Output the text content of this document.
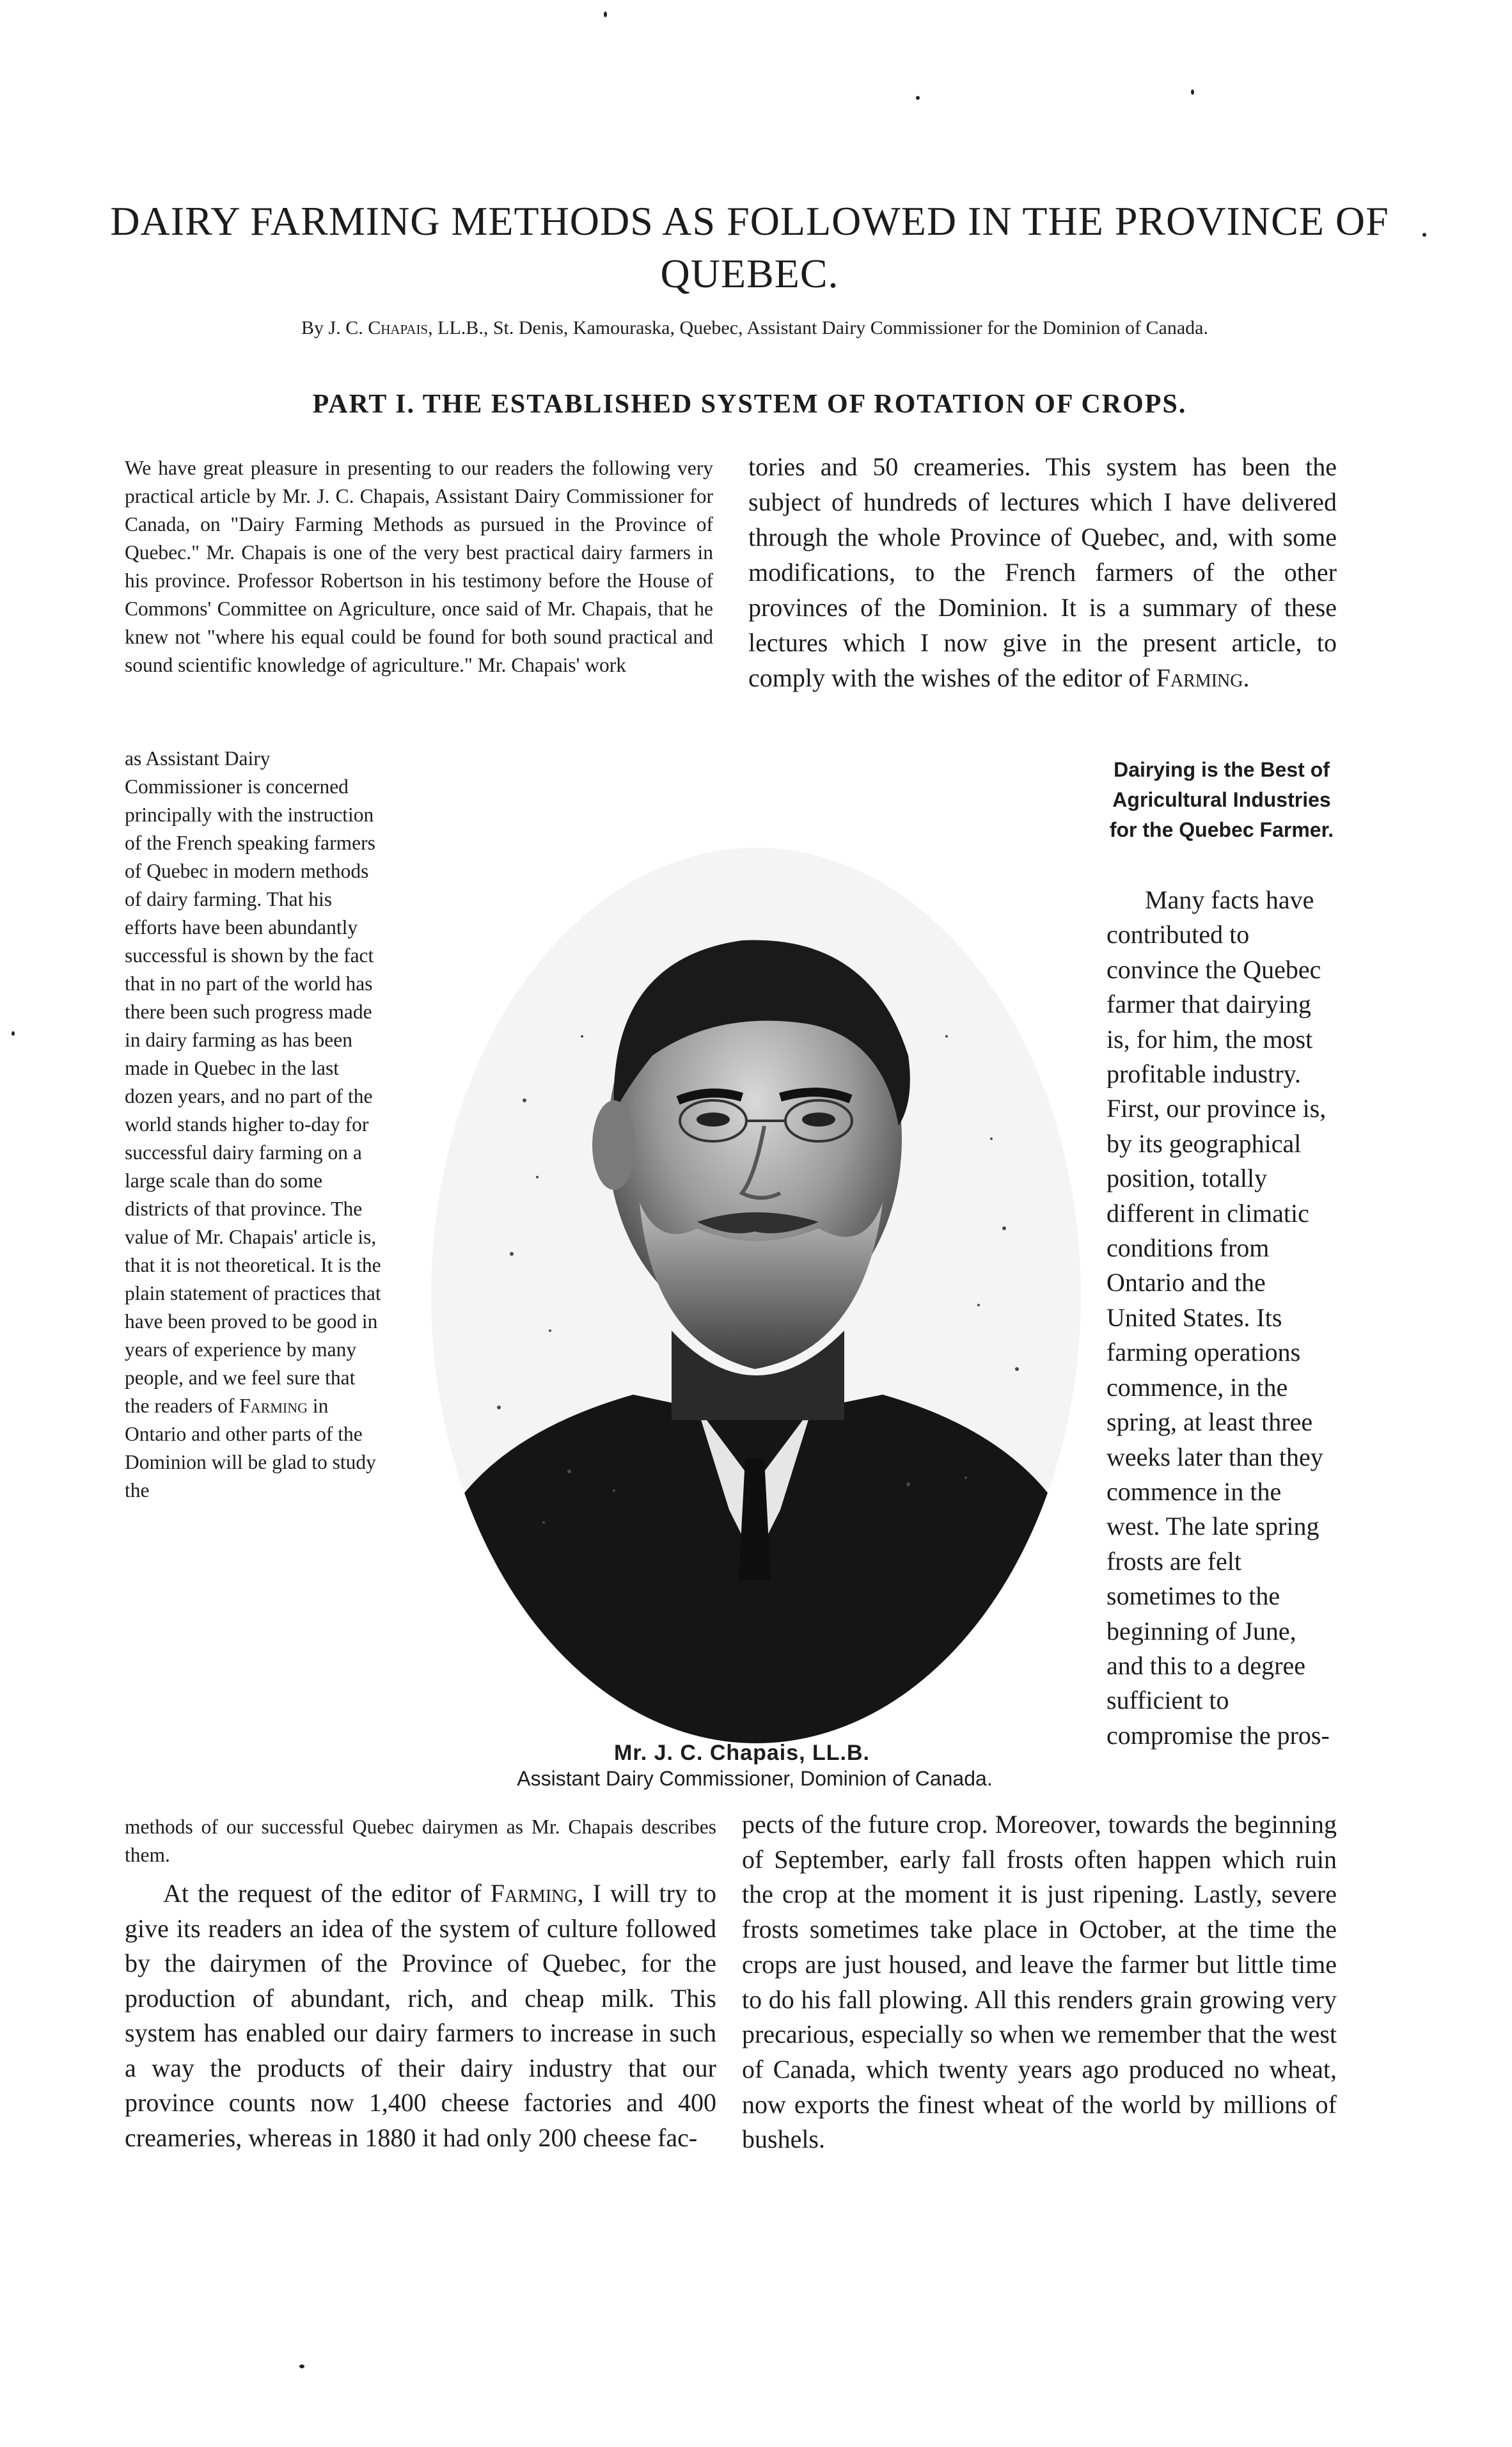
DAIRY FARMING METHODS AS FOLLOWED IN THE PROVINCE OF QUEBEC.

By J. C. Chapais, LL.B., St. Denis, Kamouraska, Quebec, Assistant Dairy Commissioner for the Dominion of Canada.

PART I. THE ESTABLISHED SYSTEM OF ROTATION OF CROPS.

We have great pleasure in presenting to our readers the following very practical article by Mr. J. C. Chapais, Assistant Dairy Commissioner for Canada, on "Dairy Farming Methods as pursued in the Province of Quebec." Mr. Chapais is one of the very best practical dairy farmers in his province. Professor Robertson in his testimony before the House of Commons' Committee on Agriculture, once said of Mr. Chapais, that he knew not "where his equal could be found for both sound practical and sound scientific knowledge of agriculture." Mr. Chapais' work

as Assistant Dairy Commissioner is concerned principally with the instruction of the French speaking farmers of Quebec in modern methods of dairy farming. That his efforts have been abundantly successful is shown by the fact that in no part of the world has there been such progress made in dairy farming as has been made in Quebec in the last dozen years, and no part of the world stands higher to-day for successful dairy farming on a large scale than do some districts of that province. The value of Mr. Chapais' article is, that it is not theoretical. It is the plain statement of practices that have been proved to be good in years of experience by many people, and we feel sure that the readers of Farming in Ontario and other parts of the Dominion will be glad to study the

methods of our successful Quebec dairymen as Mr. Chapais describes them.

  At the request of the editor of Farming, I will try to give its readers an idea of the system of culture followed by the dairymen of the Province of Quebec, for the production of abundant, rich, and cheap milk. This system has enabled our dairy farmers to increase in such a way the products of their dairy industry that our province counts now 1,400 cheese factories and 400 creameries, whereas in 1880 it had only 200 cheese fac-

tories and 50 creameries. This system has been the subject of hundreds of lectures which I have delivered through the whole Province of Quebec, and, with some modifications, to the French farmers of the other provinces of the Dominion. It is a summary of these lectures which I now give in the present article, to comply with the wishes of the editor of Farming.

Dairying is the Best of Agricultural Industries for the Quebec Farmer.

  Many facts have contributed to convince the Quebec farmer that dairying is, for him, the most profitable industry. First, our province is, by its geographical position, totally different in climatic conditions from Ontario and the United States. Its farming operations commence, in the spring, at least three weeks later than they commence in the west. The late spring frosts are felt sometimes to the beginning of June, and this to a degree sufficient to compromise the pros-

pects of the future crop. Moreover, towards the beginning of September, early fall frosts often happen which ruin the crop at the moment it is just ripening. Lastly, severe frosts sometimes take place in October, at the time the crops are just housed, and leave the farmer but little time to do his fall plowing. All this renders grain growing very precarious, especially so when we remember that the west of Canada, which twenty years ago produced no wheat, now exports the finest wheat of the world by millions of bushels.

Mr. J. C. Chapais, LL.B.

Assistant Dairy Commissioner, Dominion of Canada.
